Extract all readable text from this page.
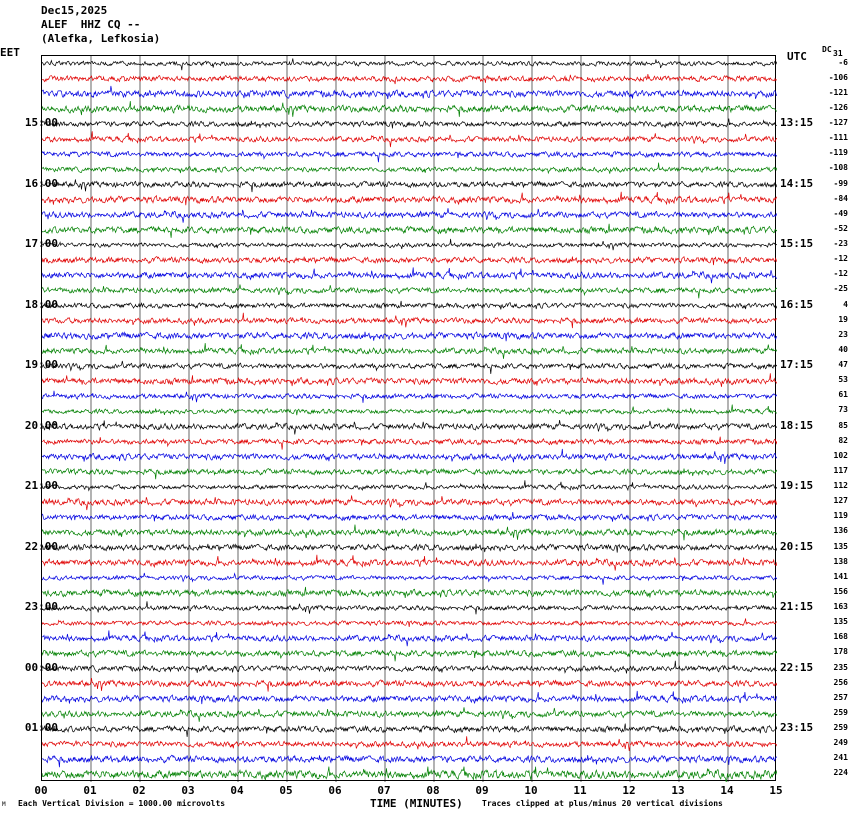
Dec15,2025
ALEF  HHZ CQ --
(Alefka, Lefkosia)
EET	UTC
DC 31
15:00
16:00
17:00
18:00
19:00
20:00
21:00
22:00
23:00
00:00
01:00
13:15
14:15
15:15
16:15
17:15
18:15
19:15
20:15
21:15
22:15
23:15
-6
-106
-121
-126
-127
-111
-119
-108
-99
-84
-49
-52
-23
-12
-12
-25
4
19
23
40
47
53
61
73
85
82
102
117
112
127
119
136
135
138
141
156
163
135
168
178
235
256
257
259
259
249
241
224
00	01	02	03	04	05	06	07	08	09	10	11	12	13	14	15
TIME (MINUTES)
Each Vertical Division = 1000.00 microvolts	Traces clipped at plus/minus 20 vertical divisions
M
